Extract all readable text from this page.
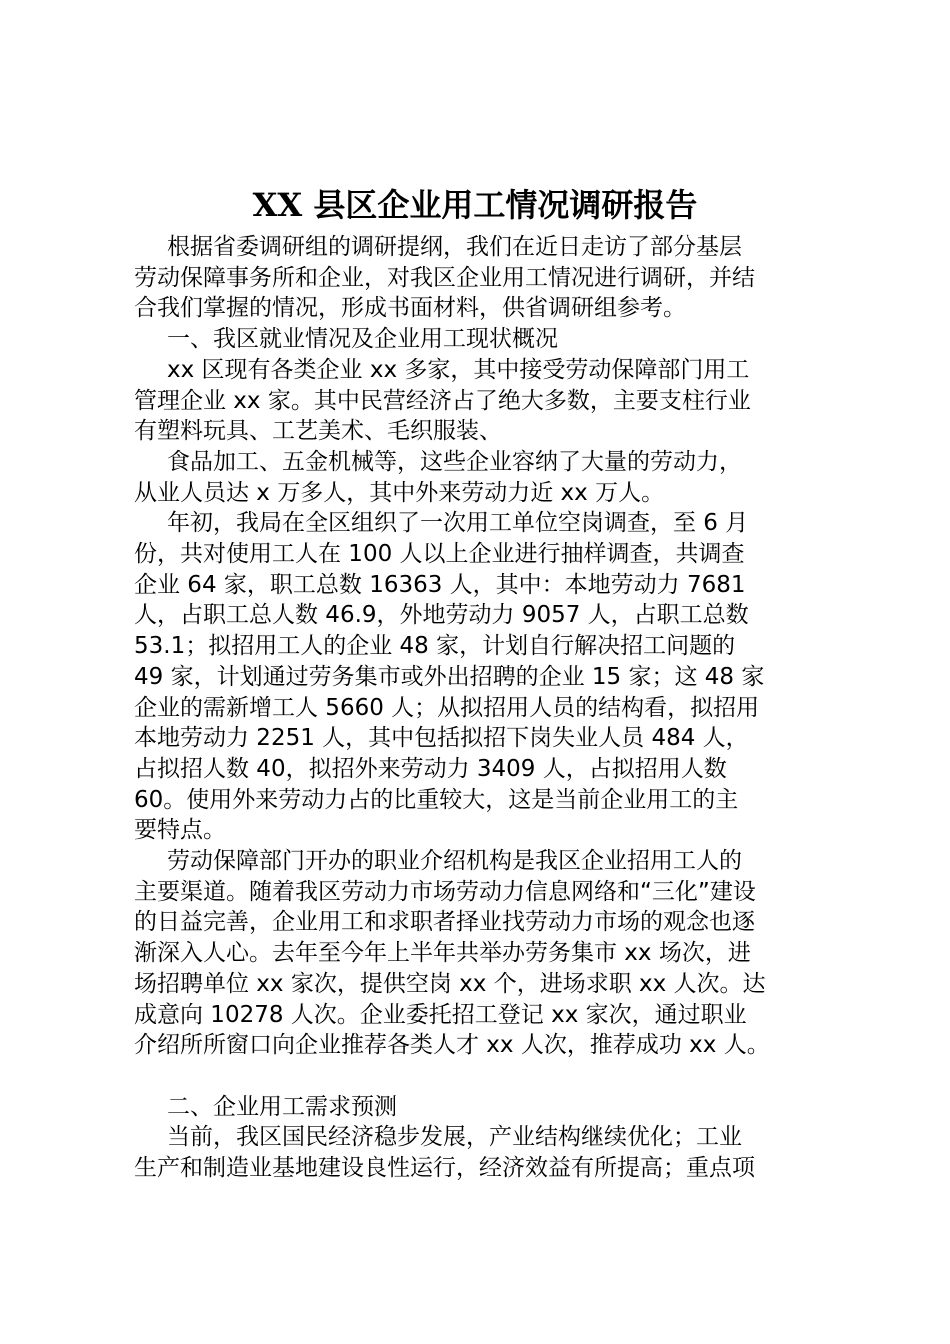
XX 县区企业用工情况调研报告
根据省委调研组的调研提纲，我们在近日走访了部分基层
劳动保障事务所和企业，对我区企业用工情况进行调研，并结
合我们掌握的情况，形成书面材料，供省调研组参考。
一、我区就业情况及企业用工现状概况
xx 区现有各类企业 xx 多家，其中接受劳动保障部门用工
管理企业 xx 家。其中民营经济占了绝大多数，主要支柱行业
有塑料玩具、工艺美术、毛织服装、
食品加工、五金机械等，这些企业容纳了大量的劳动力，
从业人员达 x 万多人，其中外来劳动力近 xx 万人。
年初，我局在全区组织了一次用工单位空岗调查，至 6 月
份，共对使用工人在 100 人以上企业进行抽样调查，共调查
企业 64 家，职工总数 16363 人，其中：本地劳动力 7681
人，占职工总人数 46.9，外地劳动力 9057 人，占职工总数
53.1；拟招用工人的企业 48 家，计划自行解决招工问题的
49 家，计划通过劳务集市或外出招聘的企业 15 家；这 48 家
企业的需新增工人 5660 人；从拟招用人员的结构看，拟招用
本地劳动力 2251 人，其中包括拟招下岗失业人员 484 人，
占拟招人数 40，拟招外来劳动力 3409 人，占拟招用人数
60。使用外来劳动力占的比重较大，这是当前企业用工的主
要特点。
劳动保障部门开办的职业介绍机构是我区企业招用工人的
主要渠道。随着我区劳动力市场劳动力信息网络和“三化”建设
的日益完善，企业用工和求职者择业找劳动力市场的观念也逐
渐深入人心。去年至今年上半年共举办劳务集市 xx 场次，进
场招聘单位 xx 家次，提供空岗 xx 个，进场求职 xx 人次。达
成意向 10278 人次。企业委托招工登记 xx 家次，通过职业
介绍所所窗口向企业推荐各类人才 xx 人次，推荐成功 xx 人。
二、企业用工需求预测
当前，我区国民经济稳步发展，产业结构继续优化；工业
生产和制造业基地建设良性运行，经济效益有所提高；重点项
